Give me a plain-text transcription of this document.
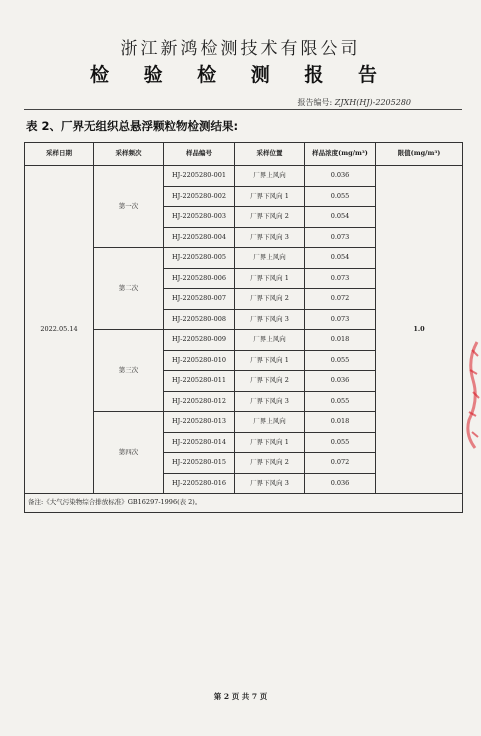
浙江新鸿检测技术有限公司
检 验 检 测 报 告
报告编号: ZJXH(HJ)-2205280
表 2、厂界无组织总悬浮颗粒物检测结果:
采样日期	采样频次	样品编号	采样位置	样品浓度(mg/m³)	限值(mg/m³)
2022.05.14	第一次	HJ-2205280-001	厂界上风向	0.036	1.0
		HJ-2205280-002	厂界下风向 1	0.055	
		HJ-2205280-003	厂界下风向 2	0.054	
		HJ-2205280-004	厂界下风向 3	0.073	
	第二次	HJ-2205280-005	厂界上风向	0.054	
		HJ-2205280-006	厂界下风向 1	0.073	
		HJ-2205280-007	厂界下风向 2	0.072	
		HJ-2205280-008	厂界下风向 3	0.073	
	第三次	HJ-2205280-009	厂界上风向	0.018	
		HJ-2205280-010	厂界下风向 1	0.055	
		HJ-2205280-011	厂界下风向 2	0.036	
		HJ-2205280-012	厂界下风向 3	0.055	
	第四次	HJ-2205280-013	厂界上风向	0.018	
		HJ-2205280-014	厂界下风向 1	0.055	
		HJ-2205280-015	厂界下风向 2	0.072	
		HJ-2205280-016	厂界下风向 3	0.036	
备注:《大气污染物综合排放标准》GB16297-1996(表 2)。					
第 2 页 共 7 页
